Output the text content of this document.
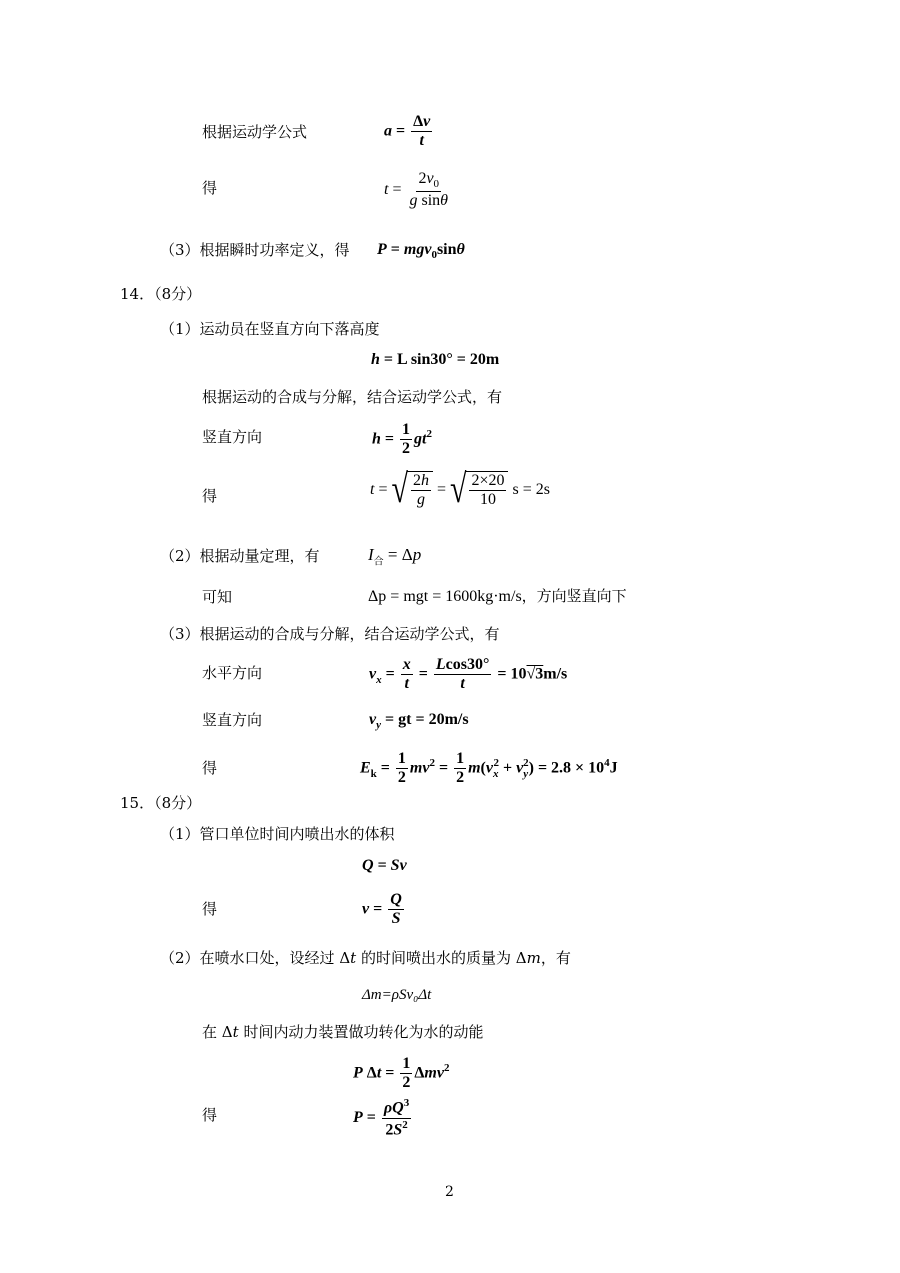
根据运动学公式	$a = \frac{\Delta v}{t}$
得	$t = \frac{2v_0}{\text{g sinθ}}$
（3）根据瞬时功率定义，得 P = mgv$_0$sinθ
14．（8分）
（1）运动员在竖直方向下落高度
h = L sin30° = 20m
根据运动的合成与分解，结合运动学公式，有
竖直方向	$h = \frac{1}{2} gt^2$
得	t = √ $\frac{2h}{g}$ = √ $\frac{2\times 20}{10}$ s = 2s
（2）根据动量定理，有	$I_合 = \Delta p$
可知	Δp = mgt = 1600kg·m/s，方向竖直向下
（3）根据运动的合成与分解，结合运动学公式，有
水平方向	$v_x = \frac{x}{t} = \frac{Lcos30^\circ}{t} = 10√3m/s$
竖直方向	$v_y$ = gt = 20m/s
得	$E_k = \frac{1}{2} mv^2 = \frac{1}{2} m(v_x^2 + v_y^2) = 2.8 \times 10^4J$
15．（8分）
（1）管口单位时间内喷出水的体积
Q = Sv
得	$v = \frac{Q}{S}$
（2）在喷水口处，设经过 Δt 的时间喷出水的质量为 Δm，有
Δm=ρSv₀Δt
在 Δt 时间内动力装置做功转化为水的动能
P $\Delta t = \frac{1}{2} \Delta mv^2$
得	$P = \frac{\rho Q^3}{2S^2}$
2
